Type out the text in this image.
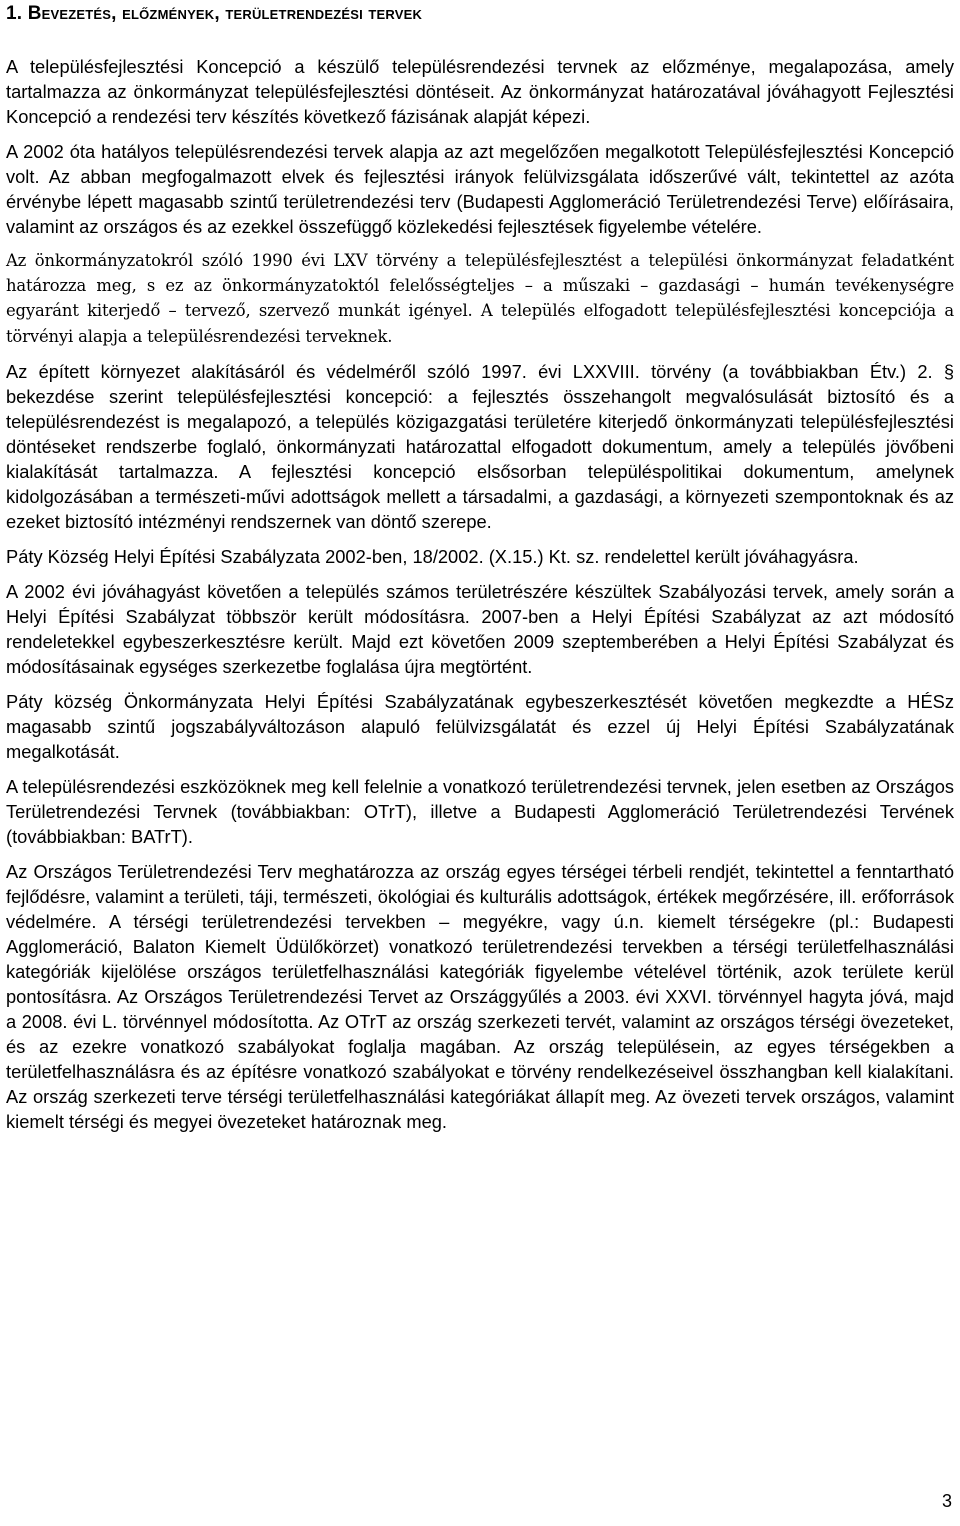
1. Bevezetés, előzmények, területrendezési tervek

A településfejlesztési Koncepció a készülő településrendezési tervnek az előzménye, megalapozása, amely tartalmazza az önkormányzat településfejlesztési döntéseit. Az önkormányzat határozatával jóváhagyott Fejlesztési Koncepció a rendezési terv készítés következő fázisának alapját képezi.

A 2002 óta hatályos településrendezési tervek alapja az azt megelőzően megalkotott Településfejlesztési Koncepció volt. Az abban megfogalmazott elvek és fejlesztési irányok felülvizsgálata időszerűvé vált, tekintettel az azóta érvénybe lépett magasabb szintű területrendezési terv (Budapesti Agglomeráció Területrendezési Terve) előírásaira, valamint az országos és az ezekkel összefüggő közlekedési fejlesztések figyelembe vételére.

Az önkormányzatokról szóló 1990 évi LXV törvény a településfejlesztést a települési önkormányzat feladatként határozza meg, s ez az önkormányzatoktól felelősségteljes – a műszaki – gazdasági – humán tevékenységre egyaránt kiterjedő – tervező, szervező munkát igényel. A település elfogadott településfejlesztési koncepciója a törvényi alapja a településrendezési terveknek.

Az épített környezet alakításáról és védelméről szóló 1997. évi LXXVIII. törvény (a továbbiakban Étv.) 2. § bekezdése szerint településfejlesztési koncepció: a fejlesztés összehangolt megvalósulását biztosító és a településrendezést is megalapozó, a település közigazgatási területére kiterjedő önkormányzati településfejlesztési döntéseket rendszerbe foglaló, önkormányzati határozattal elfogadott dokumentum, amely a település jövőbeni kialakítását tartalmazza. A fejlesztési koncepció elsősorban településpolitikai dokumentum, amelynek kidolgozásában a természeti-művi adottságok mellett a társadalmi, a gazdasági, a környezeti szempontoknak és az ezeket biztosító intézményi rendszernek van döntő szerepe.

Páty Község Helyi Építési Szabályzata 2002-ben, 18/2002. (X.15.) Kt. sz. rendelettel került jóváhagyásra.

A 2002 évi jóváhagyást követően a település számos területrészére készültek Szabályozási tervek, amely során a Helyi Építési Szabályzat többször került módosításra. 2007-ben a Helyi Építési Szabályzat az azt módosító rendeletekkel egybeszerkesztésre került. Majd ezt követően 2009 szeptemberében a Helyi Építési Szabályzat és módosításainak egységes szerkezetbe foglalása újra megtörtént.

Páty község Önkormányzata Helyi Építési Szabályzatának egybeszerkesztését követően megkezdte a HÉSz magasabb szintű jogszabályváltozáson alapuló felülvizsgálatát és ezzel új Helyi Építési Szabályzatának megalkotását.

A településrendezési eszközöknek meg kell felelnie a vonatkozó területrendezési tervnek, jelen esetben az Országos Területrendezési Tervnek (továbbiakban: OTrT), illetve a Budapesti Agglomeráció Területrendezési Tervének (továbbiakban: BATrT).

Az Országos Területrendezési Terv meghatározza az ország egyes térségei térbeli rendjét, tekintettel a fenntartható fejlődésre, valamint a területi, táji, természeti, ökológiai és kulturális adottságok, értékek megőrzésére, ill. erőforrások védelmére. A térségi területrendezési tervekben – megyékre, vagy ú.n. kiemelt térségekre (pl.: Budapesti Agglomeráció, Balaton Kiemelt Üdülőkörzet) vonatkozó területrendezési tervekben a térségi területfelhasználási kategóriák kijelölése országos területfelhasználási kategóriák figyelembe vételével történik, azok területe kerül pontosításra. Az Országos Területrendezési Tervet az Országgyűlés a 2003. évi XXVI. törvénnyel hagyta jóvá, majd a 2008. évi L. törvénnyel módosította. Az OTrT az ország szerkezeti tervét, valamint az országos térségi övezeteket, és az ezekre vonatkozó szabályokat foglalja magában. Az ország településein, az egyes térségekben a területfelhasználásra és az építésre vonatkozó szabályokat e törvény rendelkezéseivel összhangban kell kialakítani. Az ország szerkezeti terve térségi területfelhasználási kategóriákat állapít meg. Az övezeti tervek országos, valamint kiemelt térségi és megyei övezeteket határoznak meg.

3
